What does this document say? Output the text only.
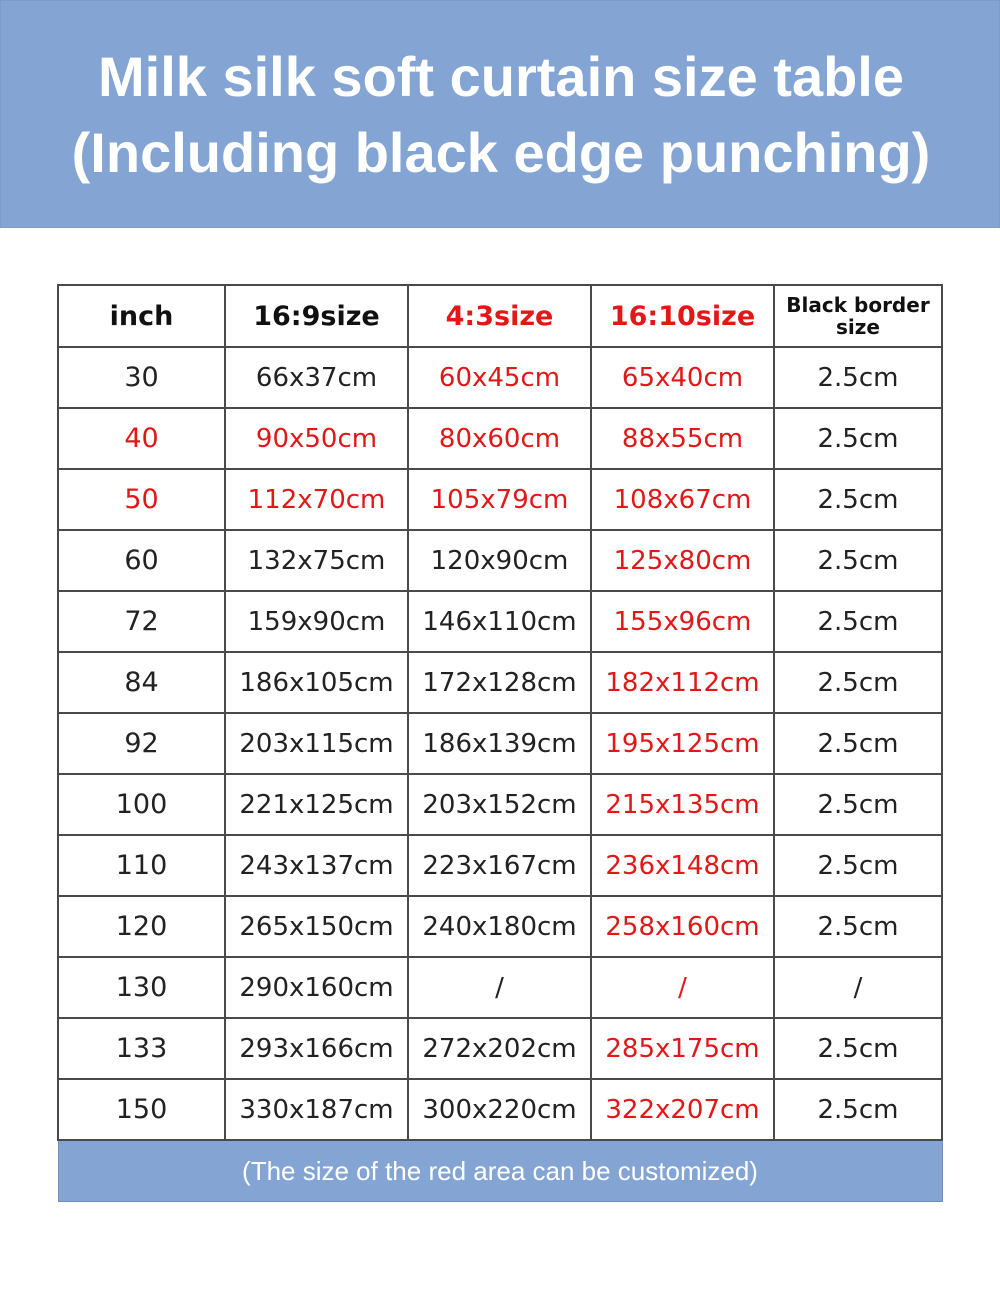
Milk silk soft curtain size table
(Including black edge punching)
inch	16:9size	4:3size	16:10size	Black border size
30	66x37cm	60x45cm	65x40cm	2.5cm
40	90x50cm	80x60cm	88x55cm	2.5cm
50	112x70cm	105x79cm	108x67cm	2.5cm
60	132x75cm	120x90cm	125x80cm	2.5cm
72	159x90cm	146x110cm	155x96cm	2.5cm
84	186x105cm	172x128cm	182x112cm	2.5cm
92	203x115cm	186x139cm	195x125cm	2.5cm
100	221x125cm	203x152cm	215x135cm	2.5cm
110	243x137cm	223x167cm	236x148cm	2.5cm
120	265x150cm	240x180cm	258x160cm	2.5cm
130	290x160cm	/	/	/
133	293x166cm	272x202cm	285x175cm	2.5cm
150	330x187cm	300x220cm	322x207cm	2.5cm
(The size of the red area can be customized)				
